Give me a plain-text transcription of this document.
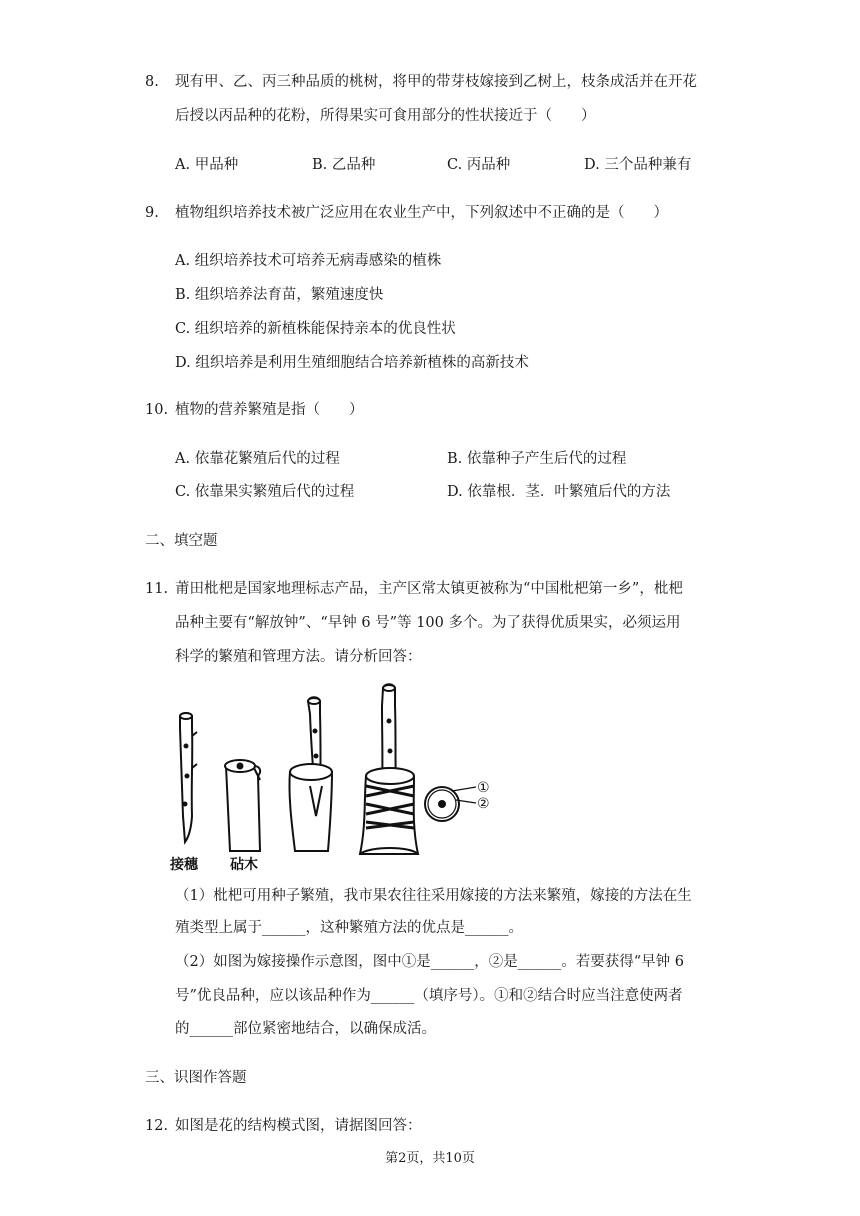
8. 现有甲、乙、丙三种品质的桃树，将甲的带芽枝嫁接到乙树上，枝条成活并在开花
后授以丙品种的花粉，所得果实可食用部分的性状接近于（　　）
A. 甲品种	B. 乙品种	C. 丙品种	D. 三个品种兼有
9. 植物组织培养技术被广泛应用在农业生产中，下列叙述中不正确的是（　　）
A. 组织培养技术可培养无病毒感染的植株
B. 组织培养法育苗，繁殖速度快
C. 组织培养的新植株能保持亲本的优良性状
D. 组织培养是利用生殖细胞结合培养新植株的高新技术
10. 植物的营养繁殖是指（　　）
A. 依靠花繁殖后代的过程	B. 依靠种子产生后代的过程
C. 依靠果实繁殖后代的过程	D. 依靠根．茎．叶繁殖后代的方法
二、填空题
11. 莆田枇杷是国家地理标志产品，主产区常太镇更被称为“中国枇杷第一乡”，枇杷
品种主要有“解放钟”、“早钟 6 号”等 100 多个。为了获得优质果实，必须运用
科学的繁殖和管理方法。请分析回答：
①
②
接穗 砧木
（1）枇杷可用种子繁殖，我市果农往往采用嫁接的方法来繁殖，嫁接的方法在生
殖类型上属于______，这种繁殖方法的优点是______。
（2）如图为嫁接操作示意图，图中①是______，②是______。若要获得“早钟 6
号”优良品种，应以该品种作为______（填序号）。①和②结合时应当注意使两者
的______部位紧密地结合，以确保成活。
三、识图作答题
12. 如图是花的结构模式图，请据图回答：
第2页，共10页
